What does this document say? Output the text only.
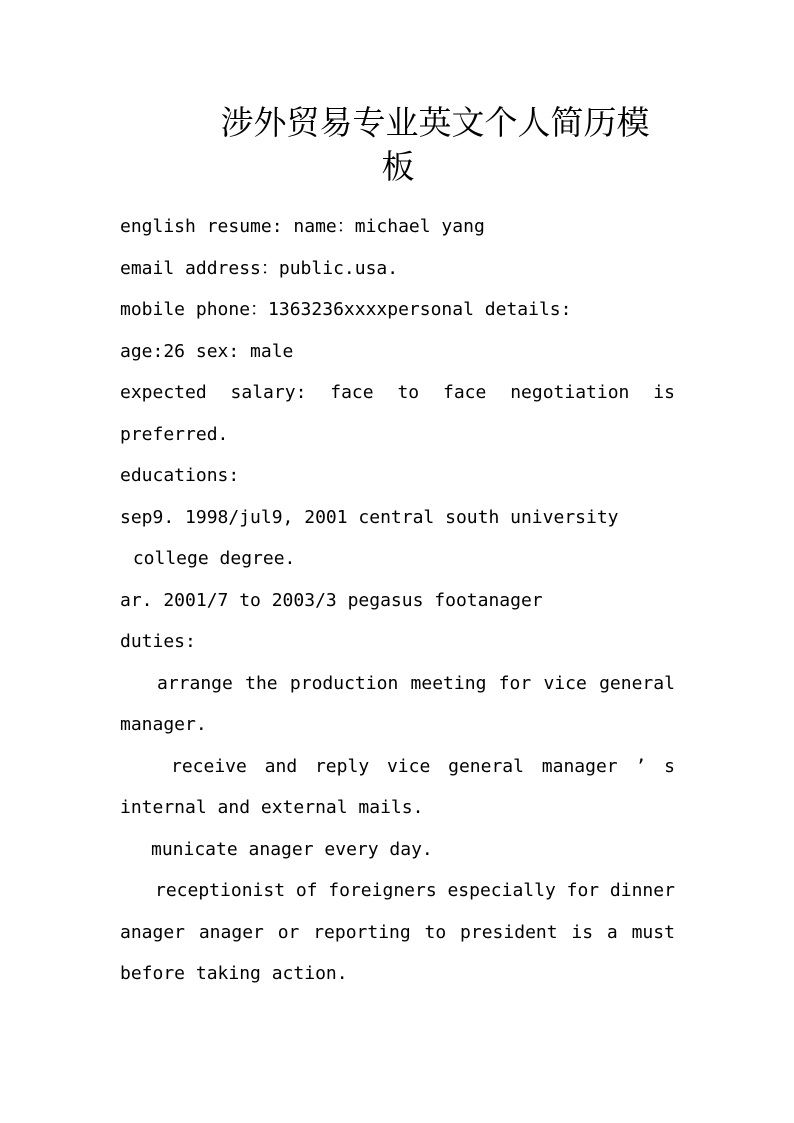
涉外贸易专业英文个人简历模
板
english resume: name：michael yang
email address：public.usa.
mobile phone：1363236xxxxpersonal details:
age:26 sex: male
expected salary: face to face negotiation is
preferred.
educations:
sep9. 1998/jul9, 2001 central south university
college degree.
ar. 2001/7 to 2003/3 pegasus footanager
duties:
arrange the production meeting for vice general
manager.
receive and reply vice general manager ’ s
internal and external mails.
municate anager every day.
receptionist of foreigners especially for dinner
anager anager or reporting to president is a must
before taking action.
